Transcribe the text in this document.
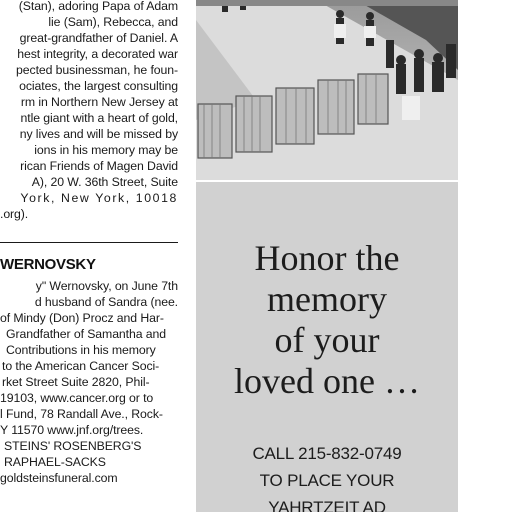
(Stan), adoring Papa of Adam
lie (Sam), Rebecca, and
great-grandfather of Daniel. A
hest integrity, a decorated war
pected businessman, he foun-
ociates, the largest consulting
rm in Northern New Jersey at
ntle giant with a heart of gold,
ny lives and will be missed by
ions in his memory may be
rican Friends of Magen David
A), 20 W. 36th Street, Suite
York, New York, 10018
.org).
WERNOVSKY
y" Wernovsky, on June 7th
d husband of Sandra (nee.
of Mindy (Don) Procz and Har-
Grandfather of Samantha and
Contributions in his memory
to the American Cancer Soci-
rket Street Suite 2820, Phil-
19103, www.cancer.org or to
l Fund, 78 Randall Ave., Rock-
Y 11570 www.jnf.org/trees.
STEINS' ROSENBERG'S
RAPHAEL-SACKS
goldsteinsfuneral.com
Honor the
memory
of your
loved one …
CALL 215-832-0749
TO PLACE YOUR
YAHRTZEIT AD
